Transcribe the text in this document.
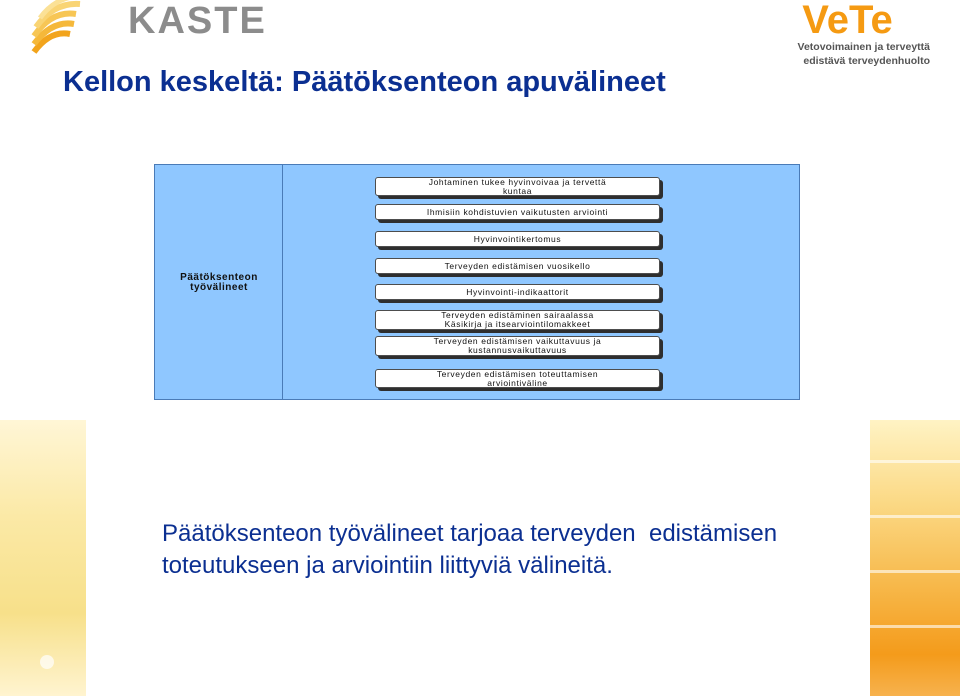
KASTE	VeTe
Vetovoimainen ja terveyttä
edistävä terveydenhuolto
Kellon keskeltä: Päätöksenteon apuvälineet
Päätöksenteon
työvälineet
Johtaminen tukee hyvinvoivaa ja tervettä
kuntaa
Ihmisiin kohdistuvien vaikutusten arviointi
Hyvinvointikertomus
Terveyden edistämisen vuosikello
Hyvinvointi-indikaattorit
Terveyden edistäminen sairaalassa
Käsikirja ja itsearviointilomakkeet
Terveyden edistämisen vaikuttavuus ja
kustannusvaikuttavuus
Terveyden edistämisen toteuttamisen
arviointiväline
Päätöksenteon työvälineet tarjoaa terveyden  edistämisen
toteutukseen ja arviointiin liittyviä välineitä.
